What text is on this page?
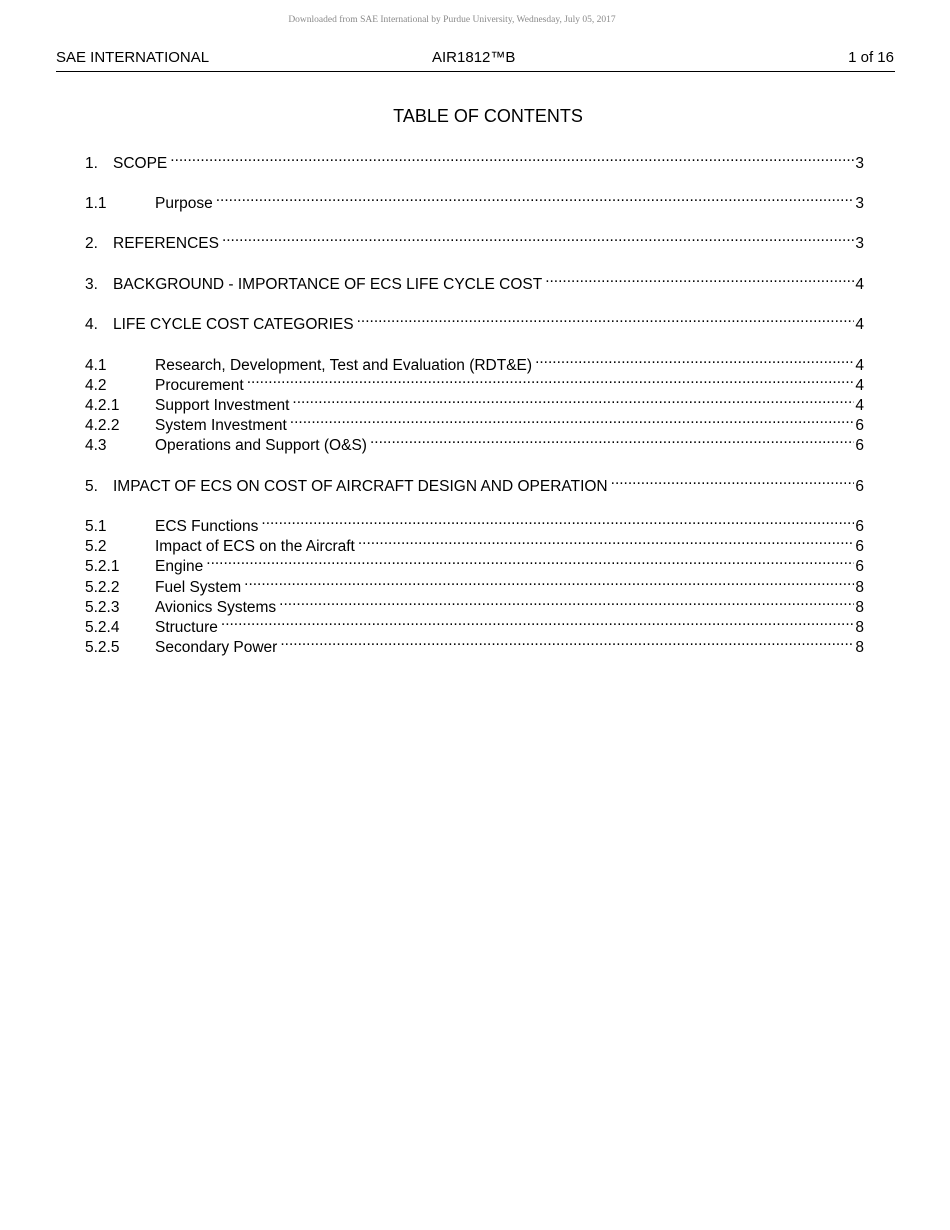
Downloaded from SAE International by Purdue University, Wednesday, July 05, 2017
SAE INTERNATIONAL	AIR1812™B	1 of 16
TABLE OF CONTENTS
1. SCOPE .....	3
1.1	Purpose .....	3
2. REFERENCES .....	3
3. BACKGROUND - IMPORTANCE OF ECS LIFE CYCLE COST .....	4
4. LIFE CYCLE COST CATEGORIES .....	4
4.1	Research, Development, Test and Evaluation (RDT&E) .....	4
4.2	Procurement .....	4
4.2.1	Support Investment .....	4
4.2.2	System Investment .....	6
4.3	Operations and Support (O&S) .....	6
5. IMPACT OF ECS ON COST OF AIRCRAFT DESIGN AND OPERATION .....	6
5.1	ECS Functions .....	6
5.2	Impact of ECS on the Aircraft .....	6
5.2.1	Engine .....	6
5.2.2	Fuel System .....	8
5.2.3	Avionics Systems .....	8
5.2.4	Structure .....	8
5.2.5	Secondary Power .....	8
